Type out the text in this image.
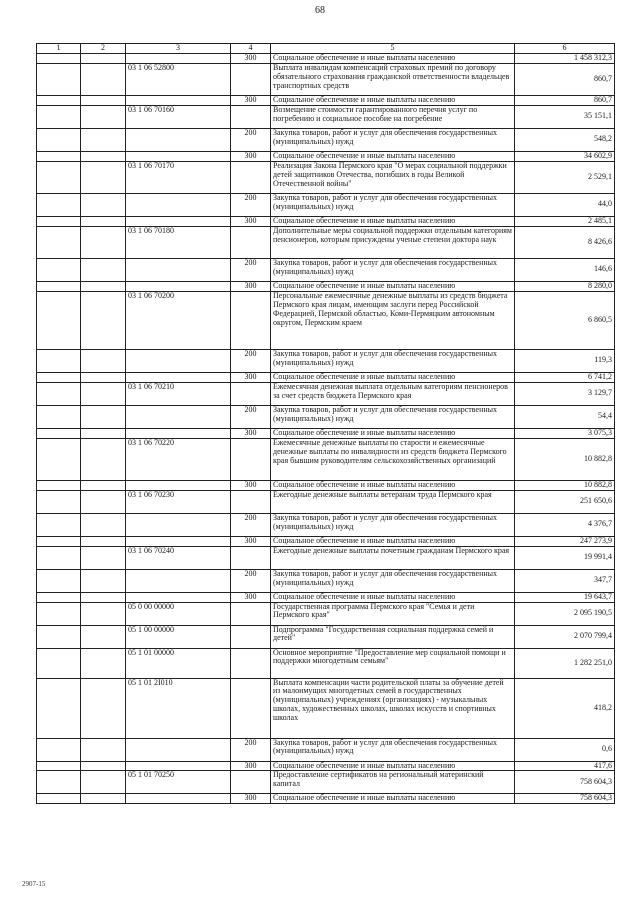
68
1	2	3	4	5	6
			300	Социальное обеспечение и иные выплаты населению	1 458 312,3
		03 1 06 52800		Выплата инвалидам компенсаций страховых премий по договору обязательного страхования гражданской ответственности владельцев транспортных средств	860,7
			300	Социальное обеспечение и иные выплаты населению	860,7
		03 1 06 70160		Возмещение стоимости гарантированного перечня услуг по погребению и социальное пособие на погребение	35 151,1
			200	Закупка товаров, работ и услуг для обеспечения государственных (муниципальных) нужд	548,2
			300	Социальное обеспечение и иные выплаты населению	34 602,9
		03 1 06 70170		Реализация Закона Пермского края "О мерах социальной поддержки детей защитников Отечества, погибших в годы Великой Отечественной войны"	2 529,1
			200	Закупка товаров, работ и услуг для обеспечения государственных (муниципальных) нужд	44,0
			300	Социальное обеспечение и иные выплаты населению	2 485,1
		03 1 06 70180		Дополнительные меры социальной поддержки отдельным категориям пенсионеров, которым присуждены ученые степени доктора наук	8 426,6
			200	Закупка товаров, работ и услуг для обеспечения государственных (муниципальных) нужд	146,6
			300	Социальное обеспечение и иные выплаты населению	8 280,0
		03 1 06 70200		Персональные ежемесячные денежные выплаты из средств бюджета Пермского края лицам, имеющим заслуги перед Российской Федерацией, Пермской областью, Коми-Пермяцким автономным округом, Пермским краем	6 860,5
			200	Закупка товаров, работ и услуг для обеспечения государственных (муниципальных) нужд	119,3
			300	Социальное обеспечение и иные выплаты населению	6 741,2
		03 1 06 70210		Ежемесячная денежная выплата отдельным категориям пенсионеров за счет средств бюджета Пермского края	3 129,7
			200	Закупка товаров, работ и услуг для обеспечения государственных (муниципальных) нужд	54,4
			300	Социальное обеспечение и иные выплаты населению	3 075,3
		03 1 06 70220		Ежемесячные денежные выплаты по старости и ежемесячные денежные выплаты по инвалидности из средств бюджета Пермского края бывшим руководителям сельскохозяйственных организаций	10 882,8
			300	Социальное обеспечение и иные выплаты населению	10 882,8
		03 1 06 70230		Ежегодные денежные выплаты ветеранам труда Пермского края	251 650,6
			200	Закупка товаров, работ и услуг для обеспечения государственных (муниципальных) нужд	4 376,7
			300	Социальное обеспечение и иные выплаты населению	247 273,9
		03 1 06 70240		Ежегодные денежные выплаты почетным гражданам Пермского края	19 991,4
			200	Закупка товаров, работ и услуг для обеспечения государственных (муниципальных) нужд	347,7
			300	Социальное обеспечение и иные выплаты населению	19 643,7
		05 0 00 00000		Государственная программа Пермского края "Семья и дети Пермского края"	2 095 190,5
		05 1 00 00000		Подпрограмма "Государственная социальная поддержка семей и детей"	2 070 799,4
		05 1 01 00000		Основное мероприятие "Предоставление мер социальной помощи и поддержки многодетным семьям"	1 282 251,0
		05 1 01 2I010		Выплата компенсации части родительской платы за обучение детей из малоимущих многодетных семей в государственных (муниципальных) учреждениях (организациях) - музыкальных школах, художественных школах, школах искусств и спортивных школах	418,2
			200	Закупка товаров, работ и услуг для обеспечения государственных (муниципальных) нужд	0,6
			300	Социальное обеспечение и иные выплаты населению	417,6
		05 1 01 70250		Предоставление сертификатов на региональный материнский капитал	758 604,3
			300	Социальное обеспечение и иные выплаты населению	758 604,3
2907-15
